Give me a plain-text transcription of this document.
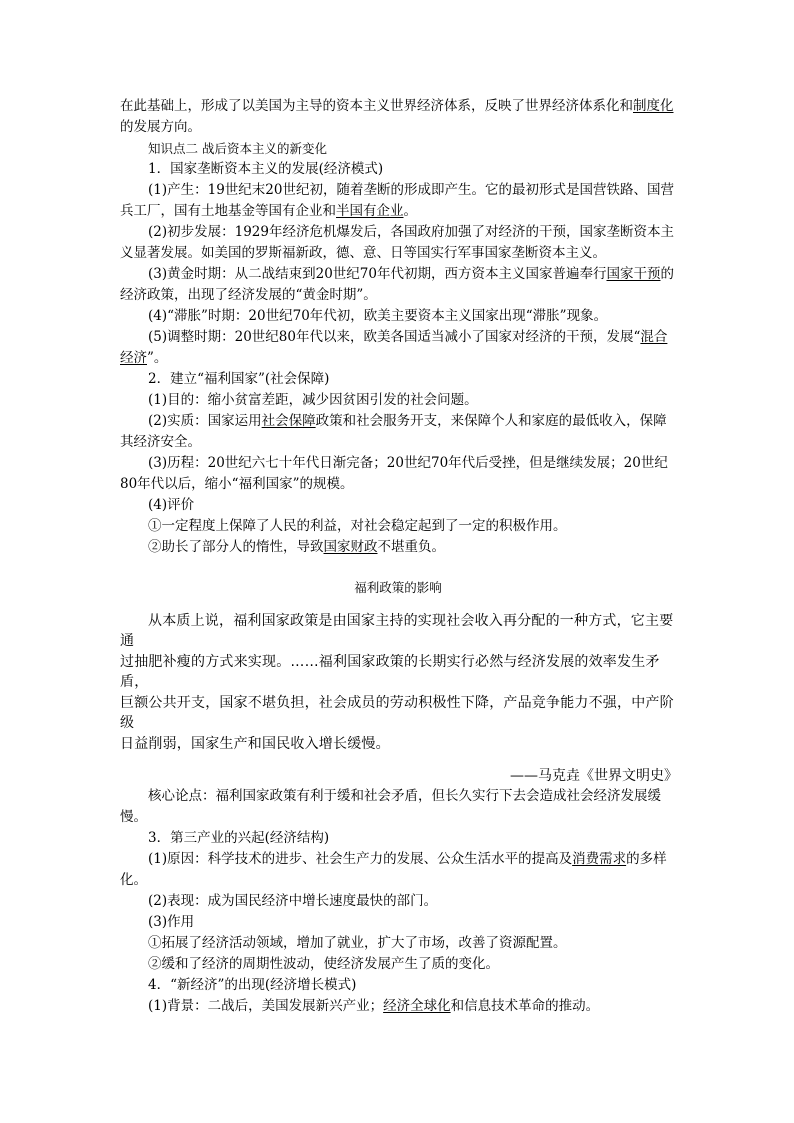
在此基础上，形成了以美国为主导的资本主义世界经济体系，反映了世界经济体系化和制度化的发展方向。

知识点二 战后资本主义的新变化

1．国家垄断资本主义的发展(经济模式)

(1)产生：19世纪末20世纪初，随着垄断的形成即产生。它的最初形式是国营铁路、国营兵工厂，国有土地基金等国有企业和半国有企业。

(2)初步发展：1929年经济危机爆发后，各国政府加强了对经济的干预，国家垄断资本主义显著发展。如美国的罗斯福新政，德、意、日等国实行军事国家垄断资本主义。

(3)黄金时期：从二战结束到20世纪70年代初期，西方资本主义国家普遍奉行国家干预的经济政策，出现了经济发展的“黄金时期”。

(4)“滞胀”时期：20世纪70年代初，欧美主要资本主义国家出现“滞胀”现象。

(5)调整时期：20世纪80年代以来，欧美各国适当减小了国家对经济的干预，发展“混合经济”。

2．建立“福利国家”(社会保障)

(1)目的：缩小贫富差距，减少因贫困引发的社会问题。

(2)实质：国家运用社会保障政策和社会服务开支，来保障个人和家庭的最低收入，保障其经济安全。

(3)历程：20世纪六七十年代日渐完备；20世纪70年代后受挫，但是继续发展；20世纪80年代以后，缩小“福利国家”的规模。

(4)评价

①一定程度上保障了人民的利益，对社会稳定起到了一定的积极作用。

②助长了部分人的惰性，导致国家财政不堪重负。

福利政策的影响
从本质上说，福利国家政策是由国家主持的实现社会收入再分配的一种方式，它主要通
过抽肥补瘦的方式来实现。……福利国家政策的长期实行必然与经济发展的效率发生矛盾，
巨额公共开支，国家不堪负担，社会成员的劳动积极性下降，产品竞争能力不强，中产阶级
日益削弱，国家生产和国民收入增长缓慢。
——马克垚《世界文明史》

核心论点：福利国家政策有利于缓和社会矛盾，但长久实行下去会造成社会经济发展缓慢。

3．第三产业的兴起(经济结构)

(1)原因：科学技术的进步、社会生产力的发展、公众生活水平的提高及消费需求的多样化。

(2)表现：成为国民经济中增长速度最快的部门。

(3)作用

①拓展了经济活动领域，增加了就业，扩大了市场，改善了资源配置。

②缓和了经济的周期性波动，使经济发展产生了质的变化。

4．“新经济”的出现(经济增长模式)

(1)背景：二战后，美国发展新兴产业；经济全球化和信息技术革命的推动。
